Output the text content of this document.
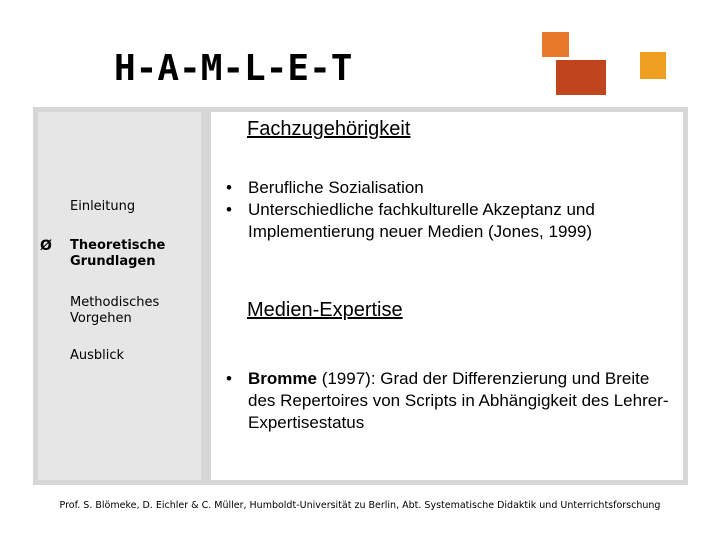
H-A-M-L-E-T
Einleitung
Ø Theoretische Grundlagen
Methodisches Vorgehen
Ausblick
Fachzugehörigkeit
• Berufliche Sozialisation
• Unterschiedliche fachkulturelle Akzeptanz und Implementierung neuer Medien (Jones, 1999)
Medien-Expertise
• Bromme (1997): Grad der Differenzierung und Breite des Repertoires von Scripts in Abhängigkeit des Lehrer-Expertisestatus
Prof. S. Blömeke, D. Eichler & C. Müller, Humboldt-Universität zu Berlin, Abt. Systematische Didaktik und Unterrichtsforschung
